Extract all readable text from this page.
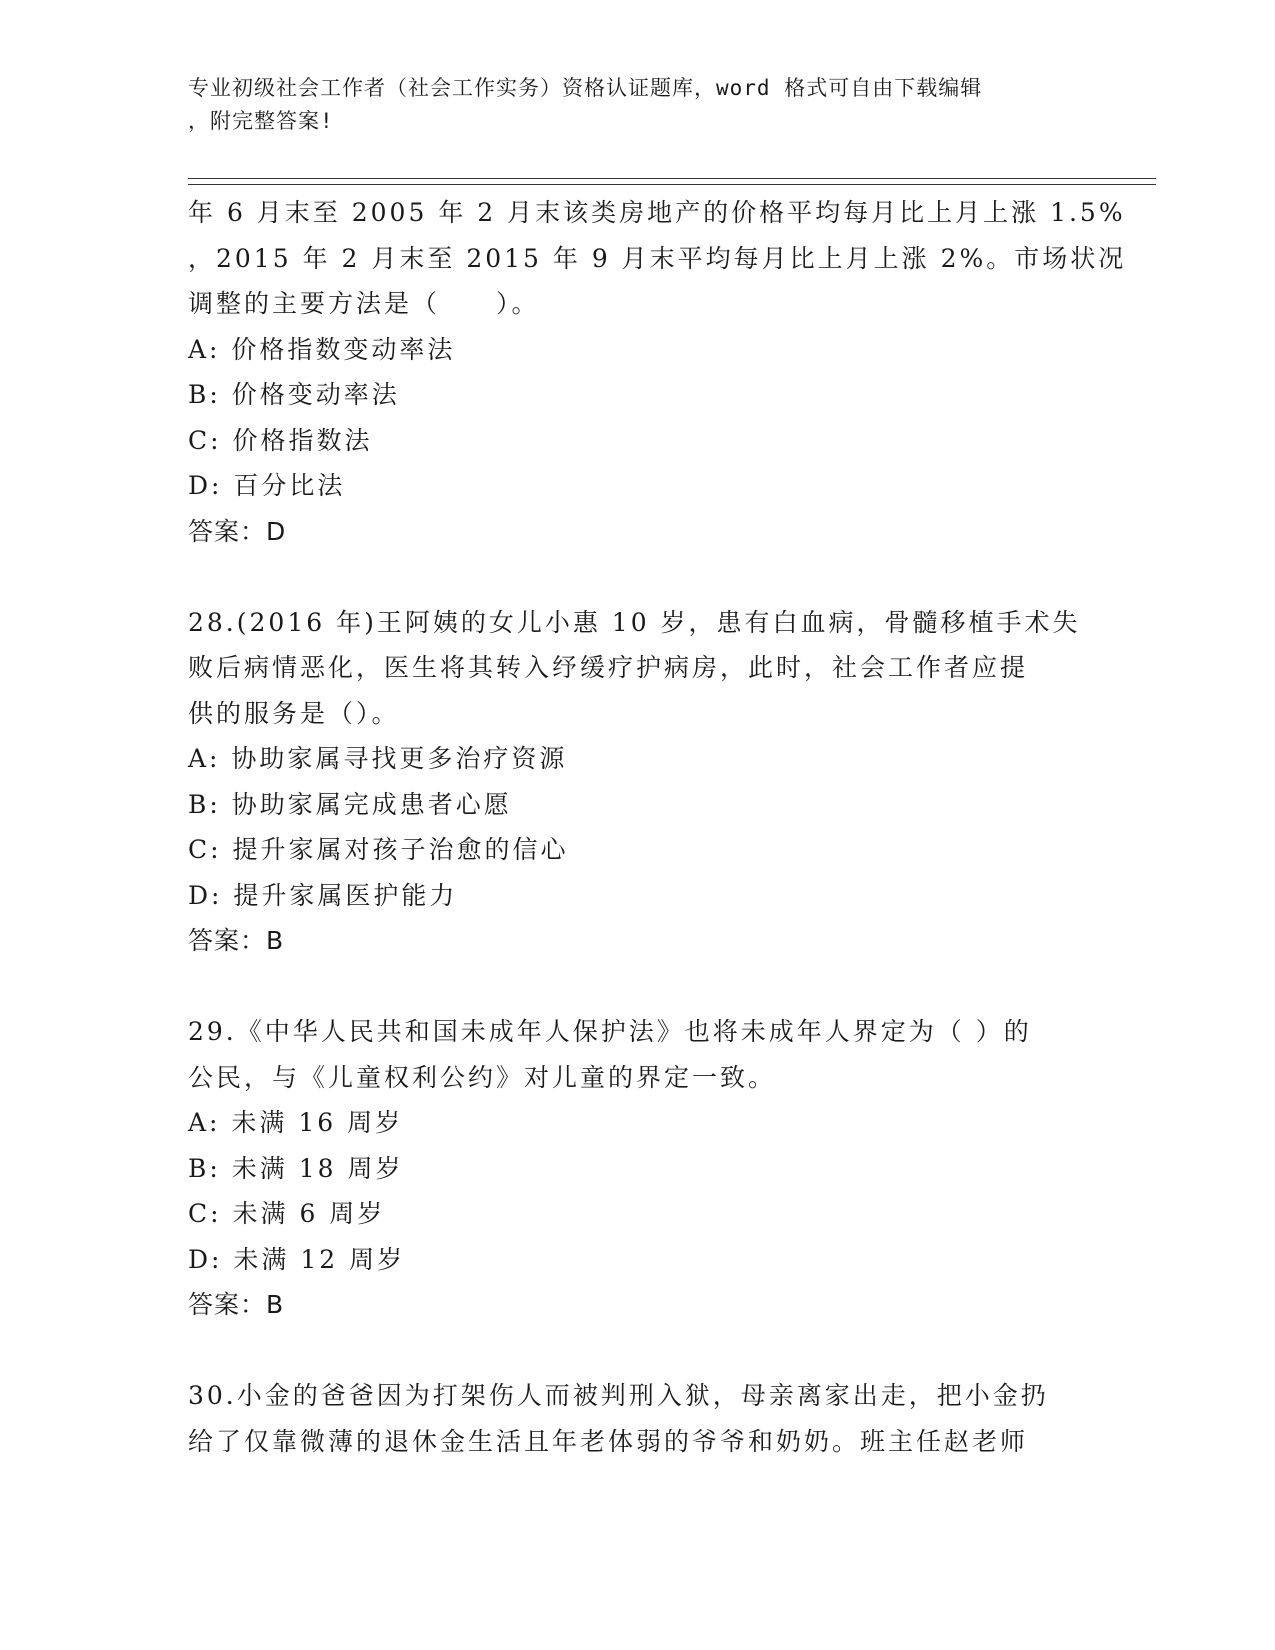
专业初级社会工作者（社会工作实务）资格认证题库，word 格式可自由下载编辑
，附完整答案!
年 6 月末至 2005 年 2 月末该类房地产的价格平均每月比上月上涨 1.5%
，2015 年 2 月末至 2015 年 9 月末平均每月比上月上涨 2%。市场状况
调整的主要方法是（　　）。
A: 价格指数变动率法
B: 价格变动率法
C: 价格指数法
D: 百分比法
答案：D
28.(2016 年)王阿姨的女儿小惠 10 岁，患有白血病，骨髓移植手术失
败后病情恶化，医生将其转入纾缓疗护病房，此时，社会工作者应提
供的服务是（）。
A: 协助家属寻找更多治疗资源
B: 协助家属完成患者心愿
C: 提升家属对孩子治愈的信心
D: 提升家属医护能力
答案：B
29.《中华人民共和国未成年人保护法》也将未成年人界定为（ ）的
公民，与《儿童权利公约》对儿童的界定一致。
A: 未满 16 周岁
B: 未满 18 周岁
C: 未满 6 周岁
D: 未满 12 周岁
答案：B
30.小金的爸爸因为打架伤人而被判刑入狱，母亲离家出走，把小金扔
给了仅靠微薄的退休金生活且年老体弱的爷爷和奶奶。班主任赵老师
